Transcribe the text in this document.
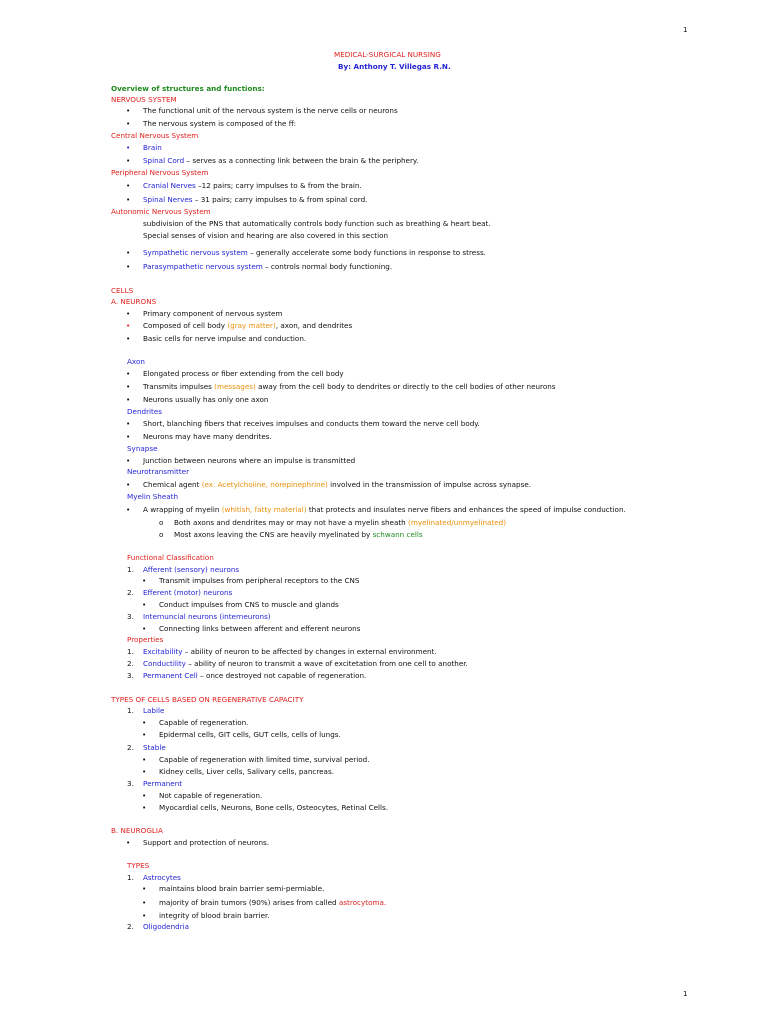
1
MEDICAL-SURGICAL NURSING
By: Anthony T. Villegas R.N.
Overview of structures and functions:
NERVOUS SYSTEM
• The functional unit of the nervous system is the nerve cells or neurons
• The nervous system is composed of the ff:
Central Nervous System
• Brain
• Spinal Cord – serves as a connecting link between the brain & the periphery.
Peripheral Nervous System
• Cranial Nerves –12 pairs; carry impulses to & from the brain.
• Spinal Nerves – 31 pairs; carry impulses to & from spinal cord.
Autonomic Nervous System
subdivision of the PNS that automatically controls body function such as breathing & heart beat.
Special senses of vision and hearing are also covered in this section
• Sympathetic nervous system – generally accelerate some body functions in response to stress.
• Parasympathetic nervous system – controls normal body functioning.
CELLS
A. NEURONS
• Primary component of nervous system
• Composed of cell body (gray matter), axon, and dendrites
• Basic cells for nerve impulse and conduction.
Axon
• Elongated process or fiber extending from the cell body
• Transmits impulses (messages) away from the cell body to dendrites or directly to the cell bodies of other neurons
• Neurons usually has only one axon
Dendrites
• Short, blanching fibers that receives impulses and conducts them toward the nerve cell body.
• Neurons may have many dendrites.
Synapse
• Junction between neurons where an impulse is transmitted
Neurotransmitter
• Chemical agent (ex. Acetylcholine, norepinephrine) involved in the transmission of impulse across synapse.
Myelin Sheath
• A wrapping of myelin (whitish, fatty material) that protects and insulates nerve fibers and enhances the speed of impulse conduction.
o Both axons and dendrites may or may not have a myelin sheath (myelinated/unmyelinated)
o Most axons leaving the CNS are heavily myelinated by schwann cells
Functional Classification
1. Afferent (sensory) neurons
• Transmit impulses from peripheral receptors to the CNS
2. Efferent (motor) neurons
• Conduct impulses from CNS to muscle and glands
3. Internuncial neurons (interneurons)
• Connecting links between afferent and efferent neurons
Properties
1. Excitability – ability of neuron to be affected by changes in external environment.
2. Conductility – ability of neuron to transmit a wave of excitetation from one cell to another.
3. Permanent Cell – once destroyed not capable of regeneration.
TYPES OF CELLS BASED ON REGENERATIVE CAPACITY
1. Labile
• Capable of regeneration.
• Epidermal cells, GIT cells, GUT cells, cells of lungs.
2. Stable
• Capable of regeneration with limited time, survival period.
• Kidney cells, Liver cells, Salivary cells, pancreas.
3. Permanent
• Not capable of regeneration.
• Myocardial cells, Neurons, Bone cells, Osteocytes, Retinal Cells.
B. NEUROGLIA
• Support and protection of neurons.
TYPES
1. Astrocytes
• maintains blood brain barrier semi-permiable.
• majority of brain tumors (90%) arises from called astrocytoma.
• integrity of blood brain barrier.
2. Oligodendria
1
